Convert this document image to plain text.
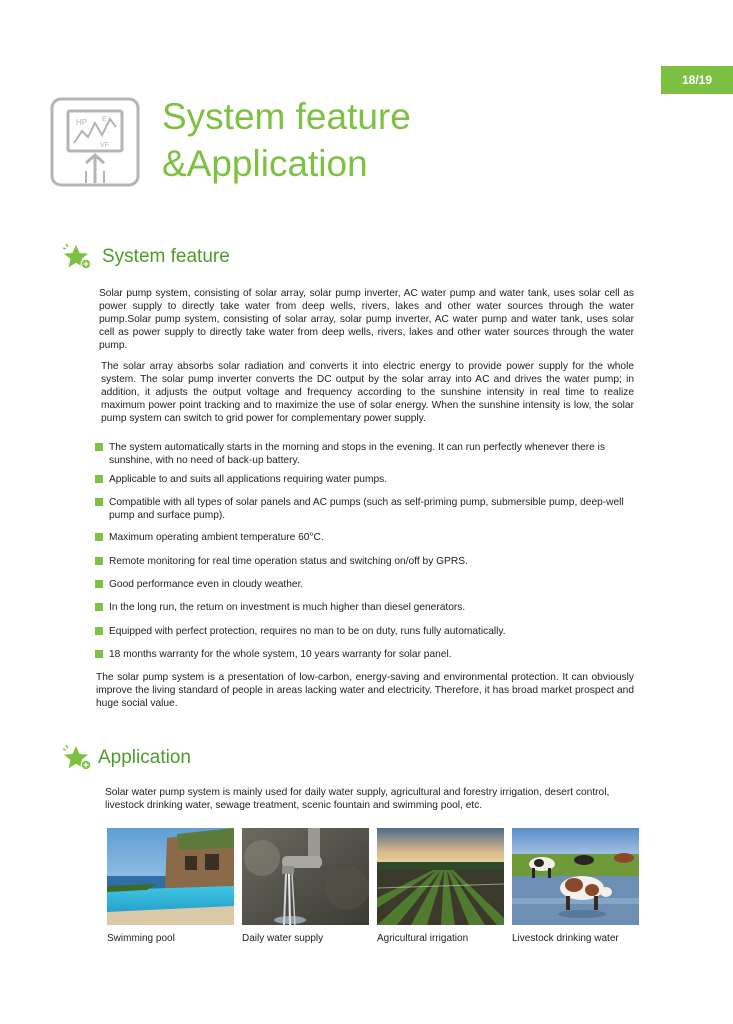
18/19
HP E
VF
System feature
&Application
System feature
Solar pump system, consisting of solar array, solar pump inverter, AC water pump and water tank, uses solar cell as power supply to directly take water from deep wells, rivers, lakes and other water sources through the water pump.Solar pump system, consisting of solar array, solar pump inverter, AC water pump and water tank, uses solar cell as power supply to directly take water from deep wells, rivers, lakes and other water sources through the water pump.
The solar array absorbs solar radiation and converts it into electric energy to provide power supply for the whole system. The solar pump inverter converts the DC output by the solar array into AC and drives the water pump; in addition, it adjusts the output voltage and frequency according to the sunshine intensity in real time to realize maximum power point tracking and to maximize the use of solar energy. When the sunshine intensity is low, the solar pump system can switch to grid power for complementary power supply.
The system automatically starts in the morning and stops in the evening. It can run perfectly whenever there is sunshine, with no need of back-up battery.
Applicable to and suits all applications requiring water pumps.
Compatible with all types of solar panels and AC pumps (such as self-priming pump, submersible pump, deep-well pump and surface pump).
Maximum operating ambient temperature 60°C.
Remote monitoring for real time operation status and switching on/off by GPRS.
Good performance even in cloudy weather.
In the long run, the return on investment is much higher than diesel generators.
Equipped with perfect protection, requires no man to be on duty, runs fully automatically.
18 months warranty for the whole system, 10 years warranty for solar panel.
The solar pump system is a presentation of low-carbon, energy-saving and environmental protection. It can obviously improve the living standard of people in areas lacking water and electricity. Therefore, it has broad market prospect and huge social value.
Application
Solar water pump system is mainly used for daily water supply, agricultural and forestry irrigation, desert control, livestock drinking water, sewage treatment, scenic fountain and swimming pool, etc.
Swimming pool	Daily water supply	Agricultural irrigation	Livestock drinking water
